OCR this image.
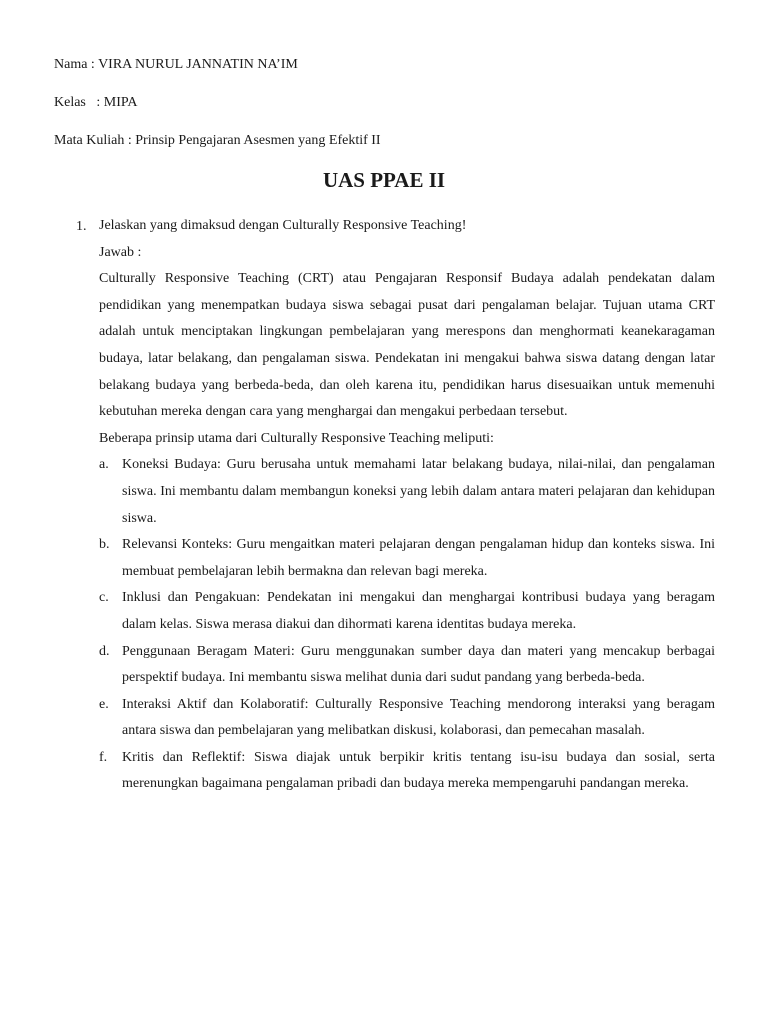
Nama : VIRA NURUL JANNATIN NA’IM
Kelas   : MIPA
Mata Kuliah : Prinsip Pengajaran Asesmen yang Efektif II
UAS PPAE II
1. Jelaskan yang dimaksud dengan Culturally Responsive Teaching!

Jawab :

Culturally Responsive Teaching (CRT) atau Pengajaran Responsif Budaya adalah pendekatan dalam pendidikan yang menempatkan budaya siswa sebagai pusat dari pengalaman belajar. Tujuan utama CRT adalah untuk menciptakan lingkungan pembelajaran yang merespons dan menghormati keanekaragaman budaya, latar belakang, dan pengalaman siswa. Pendekatan ini mengakui bahwa siswa datang dengan latar belakang budaya yang berbeda-beda, dan oleh karena itu, pendidikan harus disesuaikan untuk memenuhi kebutuhan mereka dengan cara yang menghargai dan mengakui perbedaan tersebut.

Beberapa prinsip utama dari Culturally Responsive Teaching meliputi:

a. Koneksi Budaya: Guru berusaha untuk memahami latar belakang budaya, nilai-nilai, dan pengalaman siswa. Ini membantu dalam membangun koneksi yang lebih dalam antara materi pelajaran dan kehidupan siswa.
b. Relevansi Konteks: Guru mengaitkan materi pelajaran dengan pengalaman hidup dan konteks siswa. Ini membuat pembelajaran lebih bermakna dan relevan bagi mereka.
c. Inklusi dan Pengakuan: Pendekatan ini mengakui dan menghargai kontribusi budaya yang beragam dalam kelas. Siswa merasa diakui dan dihormati karena identitas budaya mereka.
d. Penggunaan Beragam Materi: Guru menggunakan sumber daya dan materi yang mencakup berbagai perspektif budaya. Ini membantu siswa melihat dunia dari sudut pandang yang berbeda-beda.
e. Interaksi Aktif dan Kolaboratif: Culturally Responsive Teaching mendorong interaksi yang beragam antara siswa dan pembelajaran yang melibatkan diskusi, kolaborasi, dan pemecahan masalah.
f. Kritis dan Reflektif: Siswa diajak untuk berpikir kritis tentang isu-isu budaya dan sosial, serta merenungkan bagaimana pengalaman pribadi dan budaya mereka mempengaruhi pandangan mereka.
